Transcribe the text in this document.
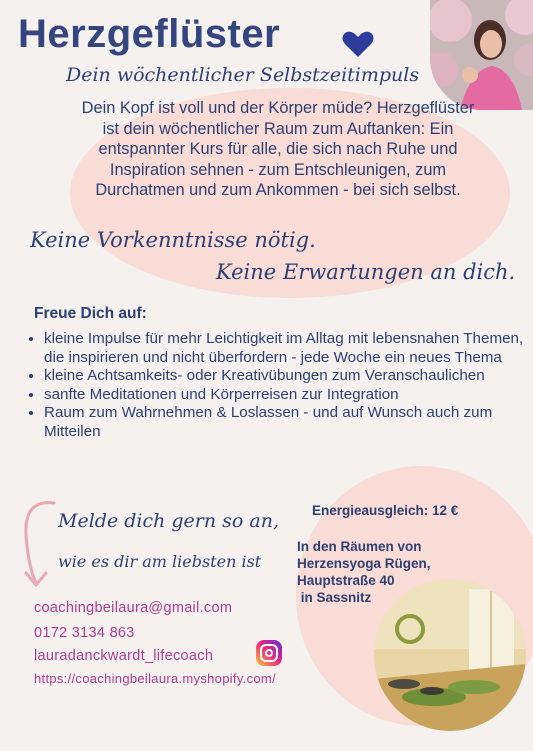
Herzgeflüster
Dein wöchentlicher Selbstzeitimpuls

Dein Kopf ist voll und der Körper müde? Herzgeflüster ist dein wöchentlicher Raum zum Auftanken: Ein entspannter Kurs für alle, die sich nach Ruhe und Inspiration sehnen - zum Entschleunigen, zum Durchatmen und zum Ankommen - bei sich selbst.

Keine Vorkenntnisse nötig.
Keine Erwartungen an dich.
Freue Dich auf:
• kleine Impulse für mehr Leichtigkeit im Alltag mit lebensnahen Themen, die inspirieren und nicht überfordern - jede Woche ein neues Thema
• kleine Achtsamkeits- oder Kreativübungen zum Veranschaulichen
• sanfte Meditationen und Körperreisen zur Integration
• Raum zum Wahrnehmen & Loslassen - und auf Wunsch auch zum Mitteilen
Melde dich gern so an,
wie es dir am liebsten ist
Energieausgleich: 12 €

In den Räumen von
Herzensyoga Rügen,
Hauptstraße 40
in Sassnitz

coachingbeilaura@gmail.com
0172 3134 863
lauradanckwardt_lifecoach
https://coachingbeilaura.myshopify.com/
